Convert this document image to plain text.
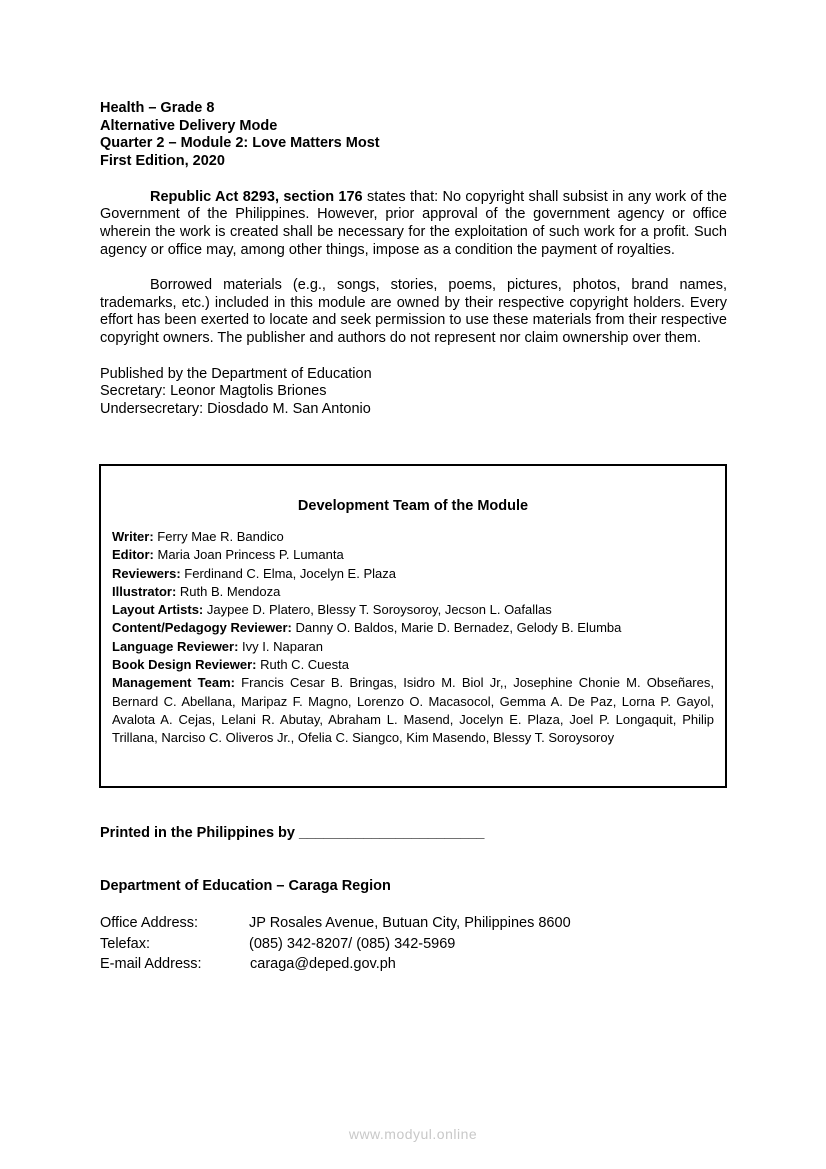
Health – Grade 8
Alternative Delivery Mode
Quarter 2 – Module 2: Love Matters Most
First Edition, 2020
Republic Act 8293, section 176 states that: No copyright shall subsist in any work of the Government of the Philippines. However, prior approval of the government agency or office wherein the work is created shall be necessary for the exploitation of such work for a profit. Such agency or office may, among other things, impose as a condition the payment of royalties.
Borrowed materials (e.g., songs, stories, poems, pictures, photos, brand names, trademarks, etc.) included in this module are owned by their respective copyright holders. Every effort has been exerted to locate and seek permission to use these materials from their respective copyright owners. The publisher and authors do not represent nor claim ownership over them.
Published by the Department of Education
Secretary: Leonor Magtolis Briones
Undersecretary: Diosdado M. San Antonio
Development Team of the Module
Writer: Ferry Mae R. Bandico
Editor: Maria Joan Princess P. Lumanta
Reviewers: Ferdinand C. Elma, Jocelyn E. Plaza
Illustrator: Ruth B. Mendoza
Layout Artists: Jaypee D. Platero, Blessy T. Soroysoroy, Jecson L. Oafallas
Content/Pedagogy Reviewer: Danny O. Baldos, Marie D. Bernadez, Gelody B. Elumba
Language Reviewer: Ivy I. Naparan
Book Design Reviewer: Ruth C. Cuesta
Management Team: Francis Cesar B. Bringas, Isidro M. Biol Jr,, Josephine Chonie M. Obseñares, Bernard C. Abellana, Maripaz F. Magno, Lorenzo O. Macasocol, Gemma A. De Paz, Lorna P. Gayol, Avalota A. Cejas, Lelani R. Abutay, Abraham L. Masend, Jocelyn E. Plaza, Joel P. Longaquit, Philip Trillana, Narciso C. Oliveros Jr., Ofelia C. Siangco, Kim Masendo, Blessy T. Soroysoroy
Printed in the Philippines by _______________________
Department of Education – Caraga Region
Office Address:	JP Rosales Avenue, Butuan City, Philippines 8600
Telefax:	(085) 342-8207/ (085) 342-5969
E-mail Address:	caraga@deped.gov.ph
www.modyul.online
